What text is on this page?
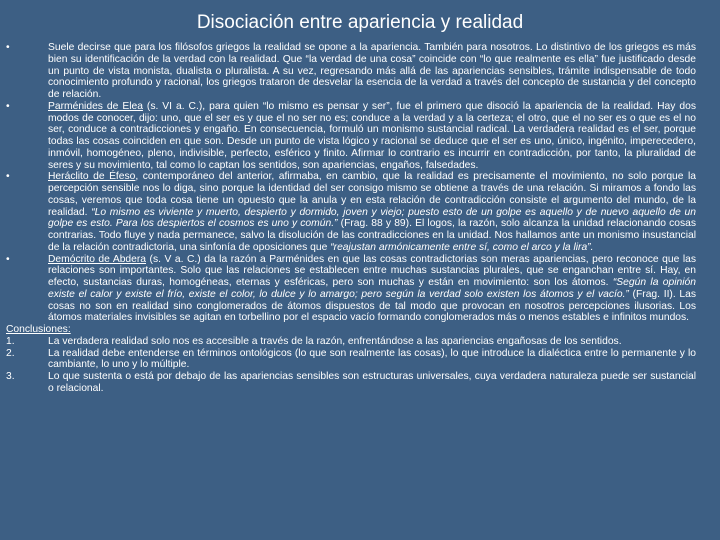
Disociación entre apariencia y realidad
•	Suele decirse que para los filósofos griegos la realidad se opone a la apariencia. También para nosotros. Lo distintivo de los griegos es más bien su identificación de la verdad con la realidad. Que “la verdad de una cosa” coincide con “lo que realmente es ella” fue justificado desde un punto de vista monista, dualista o pluralista. A su vez, regresando más allá de las apariencias sensibles, trámite indispensable de todo conocimiento profundo y racional, los griegos trataron de desvelar la esencia de la verdad a través del concepto de sustancia y del concepto de relación.
•	Parménides de Elea (s. VI a. C.), para quien “lo mismo es pensar y ser”, fue el primero que disoció la apariencia de la realidad. Hay dos modos de conocer, dijo: uno, que el ser es y que el no ser no es; conduce a la verdad y a la certeza; el otro, que el no ser es o que es el no ser, conduce a contradicciones y engaño. En consecuencia, formuló un monismo sustancial radical. La verdadera realidad es el ser, porque todas las cosas coinciden en que son. Desde un punto de vista lógico y racional se deduce que el ser es uno, único, ingénito, imperecedero, inmóvil, homogéneo, pleno, indivisible, perfecto, esférico y finito. Afirmar lo contrario es incurrir en contradicción, por tanto, la pluralidad de seres y su movimiento, tal como lo captan los sentidos, son apariencias, engaños, falsedades.
•	Heráclito de Éfeso, contemporáneo del anterior, afirmaba, en cambio, que la realidad es precisamente el movimiento, no solo porque la percepción sensible nos lo diga, sino porque la identidad del ser consigo mismo se obtiene a través de una relación. Si miramos a fondo las cosas, veremos que toda cosa tiene un opuesto que la anula y en esta relación de contradicción consiste el argumento del mundo, de la realidad. “Lo mismo es viviente y muerto, despierto y dormido, joven y viejo; puesto esto de un golpe es aquello y de nuevo aquello de un golpe es esto. Para los despiertos el cosmos es uno y común.” (Frag. 88 y 89). El logos, la razón, solo alcanza la unidad relacionando cosas contrarias. Todo fluye y nada permanece, salvo la disolución de las contradicciones en la unidad. Nos hallamos ante un monismo insustancial de la relación contradictoria, una sinfonía de oposiciones que “reajustan armónicamente entre sí, como el arco y la lira”.
•	Demócrito de Abdera (s. V a. C.) da la razón a Parménides en que las cosas contradictorias son meras apariencias, pero reconoce que las relaciones son importantes. Solo que las relaciones se establecen entre muchas sustancias plurales, que se enganchan entre sí. Hay, en efecto, sustancias duras, homogéneas, eternas y esféricas, pero son muchas y están en movimiento: son los átomos. “Según la opinión existe el calor y existe el frío, existe el color, lo dulce y lo amargo; pero según la verdad solo existen los átomos y el vacío.” (Frag. II). Las cosas no son en realidad sino conglomerados de átomos dispuestos de tal modo que provocan en nosotros percepciones ilusorias. Los átomos materiales invisibles se agitan en torbellino por el espacio vacío formando conglomerados más o menos estables e infinitos mundos.
Conclusiones:
1.	La verdadera realidad solo nos es accesible a través de la razón, enfrentándose a las apariencias engañosas de los sentidos.
2.	La realidad debe entenderse en términos ontológicos (lo que son realmente las cosas), lo que introduce la dialéctica entre lo permanente y lo cambiante, lo uno y lo múltiple.
3.	Lo que sustenta o está por debajo de las apariencias sensibles son estructuras universales, cuya verdadera naturaleza puede ser sustancial o relacional.
